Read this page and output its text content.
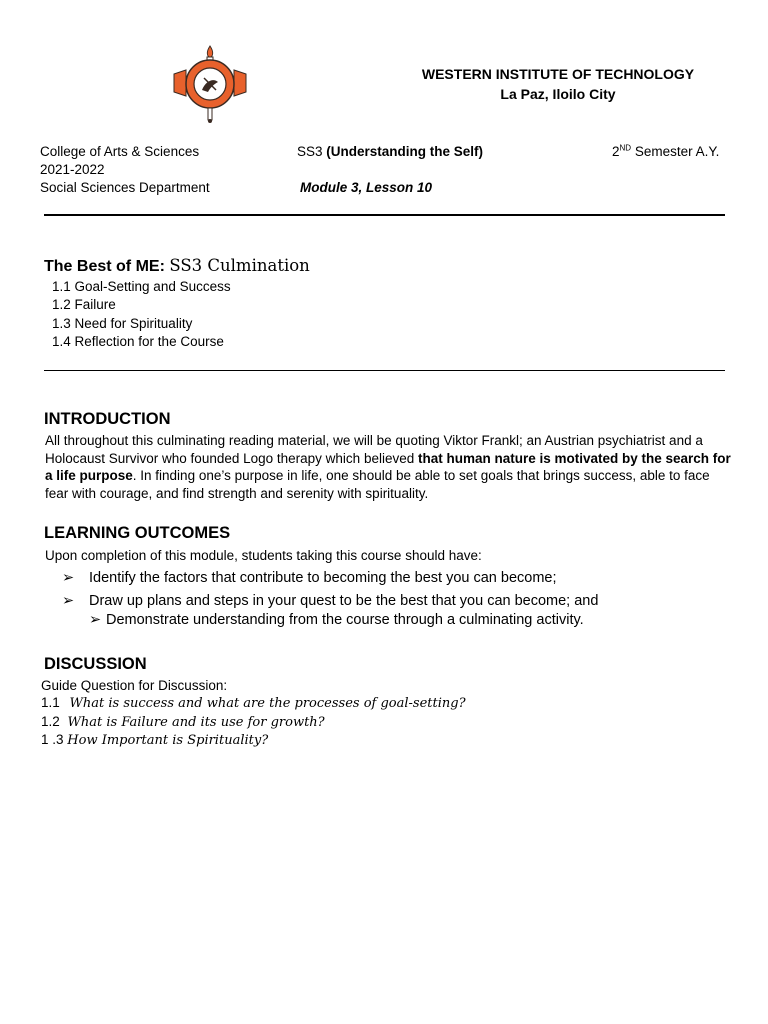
WESTERN INSTITUTE OF TECHNOLOGY
La Paz, Iloilo City
College of Arts & Sciences
2021-2022
Social Sciences Department
SS3 (Understanding the Self)
Module 3, Lesson 10
2ND Semester A.Y.
The Best of ME: SS3 Culmination
1.1 Goal-Setting and Success
1.2 Failure
1.3 Need for Spirituality
1.4 Reflection for the Course
INTRODUCTION
All throughout this culminating reading material, we will be quoting Viktor Frankl; an Austrian psychiatrist and a Holocaust Survivor who founded Logo therapy which believed that human nature is motivated by the search for a life purpose. In finding one’s purpose in life, one should be able to set goals that brings success, able to face fear with courage, and find strength and serenity with spirituality.
LEARNING OUTCOMES
Upon completion of this module, students taking this course should have:
➢ Identify the factors that contribute to becoming the best you can become;
➢ Draw up plans and steps in your quest to be the best that you can become; and
➢ Demonstrate understanding from the course through a culminating activity.
DISCUSSION
Guide Question for Discussion:
1.1 What is success and what are the processes of goal-setting?
1.2 What is Failure and its use for growth?
1 .3 How Important is Spirituality?
